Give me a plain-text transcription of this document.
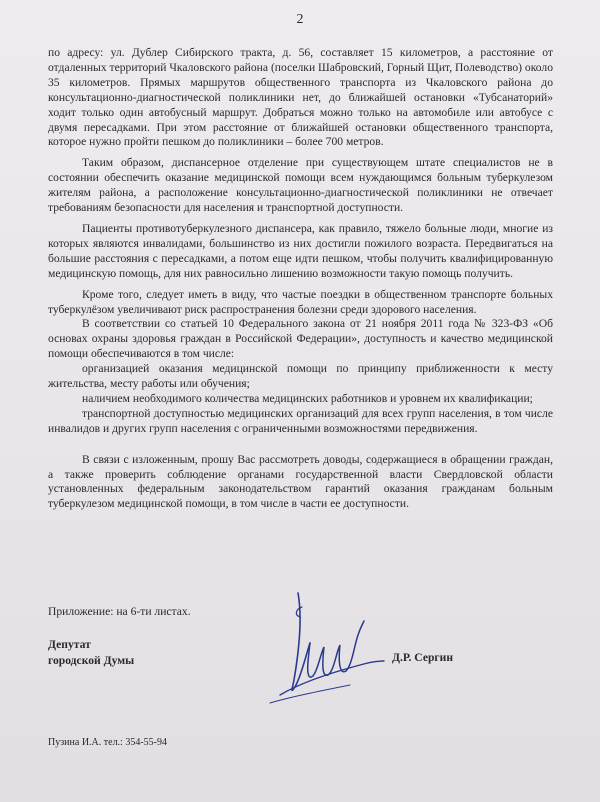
2

по адресу: ул. Дублер Сибирского тракта, д. 56, составляет 15 километров, а расстояние от отдаленных территорий Чкаловского района (поселки Шабровский, Горный Щит, Полеводство) около 35 километров. Прямых маршрутов общественного транспорта из Чкаловского района до консультационно-диагностической поликлиники нет, до ближайшей остановки «Тубсанаторий» ходит только один автобусный маршрут. Добраться можно только на автомобиле или автобусе с двумя пересадками. При этом расстояние от ближайшей остановки общественного транспорта, которое нужно пройти пешком до поликлиники – более 700 метров.

Таким образом, диспансерное отделение при существующем штате специалистов не в состоянии обеспечить оказание медицинской помощи всем нуждающимся больным туберкулезом жителям района, а расположение консультационно-диагностической поликлиники не отвечает требованиям безопасности для населения и транспортной доступности.

Пациенты противотуберкулезного диспансера, как правило, тяжело больные люди, многие из которых являются инвалидами, большинство из них достигли пожилого возраста. Передвигаться на большие расстояния с пересадками, а потом еще идти пешком, чтобы получить квалифицированную медицинскую помощь, для них равносильно лишению возможности такую помощь получить.

Кроме того, следует иметь в виду, что частые поездки в общественном транспорте больных туберкулёзом увеличивают риск распространения болезни среди здорового населения.

В соответствии со статьей 10 Федерального закона от 21 ноября 2011 года № 323-ФЗ «Об основах охраны здоровья граждан в Российской Федерации», доступность и качество медицинской помощи обеспечиваются в том числе:

организацией оказания медицинской помощи по принципу приближенности к месту жительства, месту работы или обучения;

наличием необходимого количества медицинских работников и уровнем их квалификации;

транспортной доступностью медицинских организаций для всех групп населения, в том числе инвалидов и других групп населения с ограниченными возможностями передвижения.

В связи с изложенным, прошу Вас рассмотреть доводы, содержащиеся в обращении граждан, а также проверить соблюдение органами государственной власти Свердловской области установленных федеральным законодательством гарантий оказания гражданам больным туберкулезом медицинской помощи, в том числе в части ее доступности.

Приложение: на 6-ти листах.
Депутат
городской Думы	Д.Р. Сергин
Пузина И.А. тел.: 354-55-94
